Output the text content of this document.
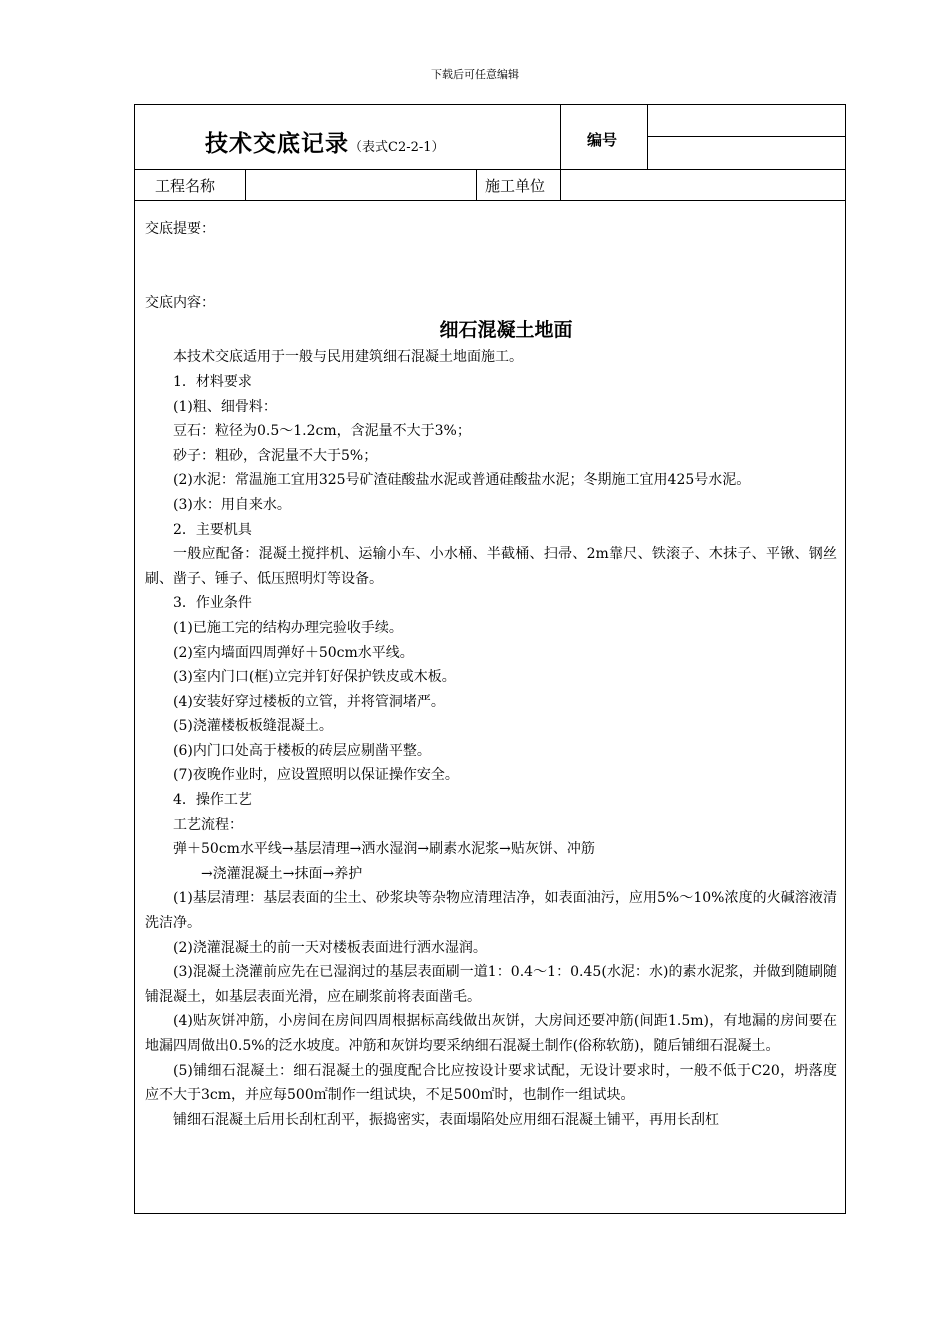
下载后可任意编辑
技术交底记录（表式C2-2-1）	编号
工程名称	施工单位

交底提要：

交底内容：

细石混凝土地面

本技术交底适用于一般与民用建筑细石混凝土地面施工。

1．材料要求

(1)粗、细骨料：

豆石：粒径为0.5～1.2cm，含泥量不大于3%；

砂子：粗砂，含泥量不大于5%；

(2)水泥：常温施工宜用325号矿渣硅酸盐水泥或普通硅酸盐水泥；冬期施工宜用425号水泥。

(3)水：用自来水。

2．主要机具

一般应配备：混凝土搅拌机、运输小车、小水桶、半截桶、扫帚、2m靠尺、铁滚子、木抹子、平锹、钢丝刷、凿子、锤子、低压照明灯等设备。

3．作业条件

(1)已施工完的结构办理完验收手续。

(2)室内墙面四周弹好＋50cm水平线。

(3)室内门口(框)立完并钉好保护铁皮或木板。

(4)安装好穿过楼板的立管，并将管洞堵严。

(5)浇灌楼板板缝混凝土。

(6)内门口处高于楼板的砖层应剔凿平整。

(7)夜晚作业时，应设置照明以保证操作安全。

4．操作工艺

工艺流程：

弹＋50cm水平线→基层清理→洒水湿润→刷素水泥浆→贴灰饼、冲筋

→浇灌混凝土→抹面→养护

(1)基层清理：基层表面的尘土、砂浆块等杂物应清理洁净，如表面油污，应用5%～10%浓度的火碱溶液清洗洁净。

(2)浇灌混凝土的前一天对楼板表面进行洒水湿润。

(3)混凝土浇灌前应先在已湿润过的基层表面刷一道1：0.4～1：0.45(水泥：水)的素水泥浆，并做到随刷随铺混凝土，如基层表面光滑，应在刷浆前将表面凿毛。

(4)贴灰饼冲筋，小房间在房间四周根据标高线做出灰饼，大房间还要冲筋(间距1.5m)，有地漏的房间要在地漏四周做出0.5%的泛水坡度。冲筋和灰饼均要采纳细石混凝土制作(俗称软筋)，随后铺细石混凝土。

(5)铺细石混凝土：细石混凝土的强度配合比应按设计要求试配，无设计要求时，一般不低于C20，坍落度应不大于3cm，并应每500㎡制作一组试块，不足500㎡时，也制作一组试块。

铺细石混凝土后用长刮杠刮平，振捣密实，表面塌陷处应用细石混凝土铺平，再用长刮杠
